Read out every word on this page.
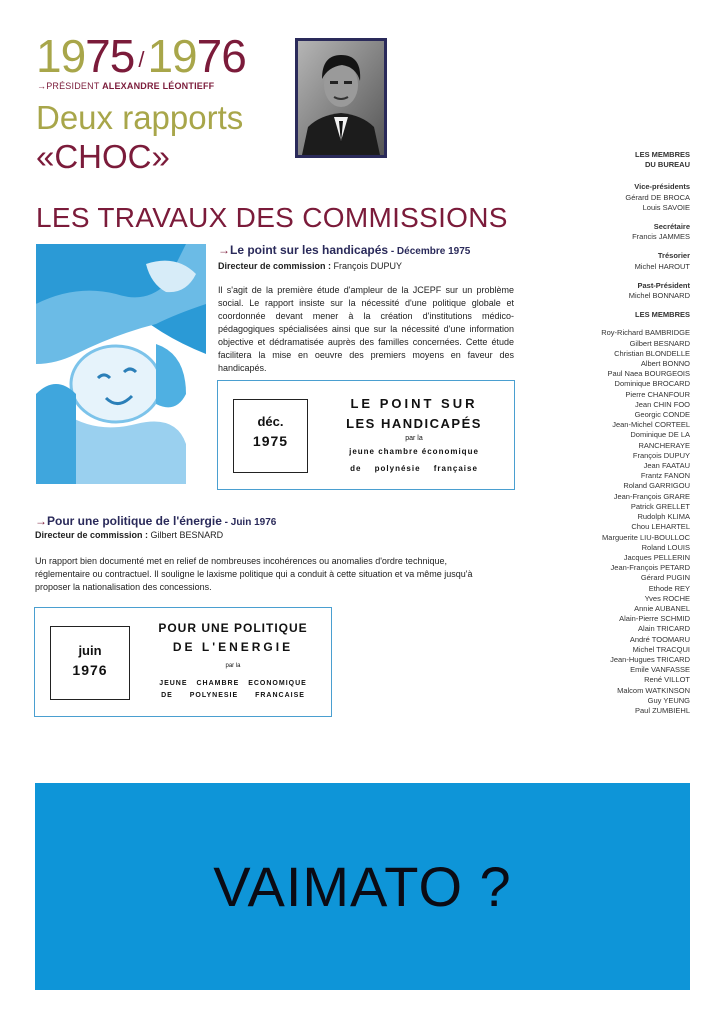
1975 /1976
→PRÉSIDENT ALEXANDRE LÉONTIEFF
Deux rapports
«CHOC»
LES TRAVAUX DES COMMISSIONS
→Le point sur les handicapés - Décembre 1975
Directeur de commission : François DUPUY
Il s'agit de la première étude d'ampleur de la JCEPF sur un problème social. Le rapport insiste sur la nécessité d'une politique globale et coordonnée devant mener à la création d'institutions médico-pédagogiques spécialisées ainsi que sur la nécessité d'une information objective et dédramatisée auprès des familles concernées. Cette étude facilitera la mise en oeuvre des premiers moyens en faveur des handicapés.
déc.
1975
LE POINT SUR
LES HANDICAPÉS
par la
jeune chambre économique
de polynésie française
→Pour une politique de l'énergie - Juin 1976
Directeur de commission : Gilbert BESNARD
Un rapport bien documenté met en relief de nombreuses incohérences ou anomalies d'ordre technique, réglementaire ou contractuel. Il souligne le laxisme politique qui a conduit à cette situation et va même jusqu'à proposer la nationalisation des concessions.
juin
1976
POUR UNE POLITIQUE
DE L'ENERGIE
par la
JEUNE CHAMBRE ECONOMIQUE
DE POLYNESIE FRANCAISE
LES MEMBRES
DU BUREAU
Vice-présidents
Gérard DE BROCA
Louis SAVOIE
Secrétaire
Francis JAMMES
Trésorier
Michel HAROUT
Past-Président
Michel BONNARD
LES MEMBRES
Roy-Richard BAMBRIDGE
Gilbert BESNARD
Christian BLONDELLE
Albert BONNO
Paul Naea BOURGEOIS
Dominique BROCARD
Pierre CHANFOUR
Jean CHIN FOO
Georgic CONDE
Jean-Michel CORTEEL
Dominique DE LA
RANCHERAYE
François DUPUY
Jean FAATAU
Frantz FANON
Roland GARRIGOU
Jean-François GRARE
Patrick GRELLET
Rudolph KLIMA
Chou LEHARTEL
Marguerite LIU-BOULLOC
Roland LOUIS
Jacques PELLERIN
Jean-François PETARD
Gérard PUGIN
Ethode REY
Yves ROCHE
Annie AUBANEL
Alain-Pierre SCHMID
Alain TRICARD
André TOOMARU
Michel TRACQUI
Jean-Hugues TRICARD
Emile VANFASSE
René VILLOT
Malcom WATKINSON
Guy YEUNG
Paul ZUMBIEHL
VAIMATO ?
